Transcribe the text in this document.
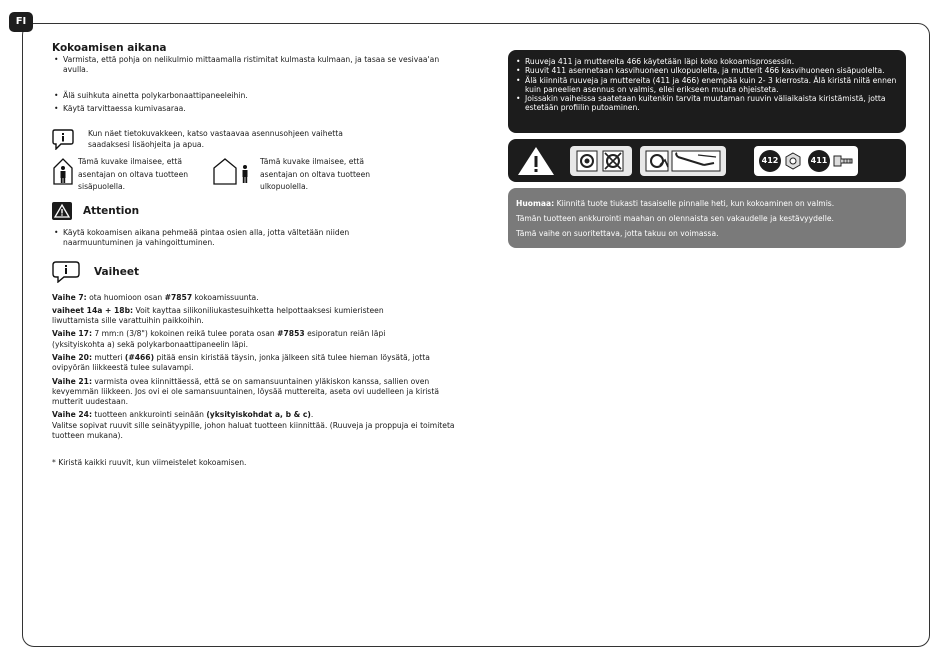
FI
Kokoamisen aikana
• Varmista, että pohja on nelikulmio mittaamalla ristimitat kulmasta kulmaan, ja tasaa se vesivaa'an avulla.
• Älä suihkuta ainetta polykarbonaattipaneeleihin.
• Käytä tarvittaessa kumivasaraa.
Kun näet tietokuvakkeen, katso vastaavaa asennusohjeen vaihetta saadaksesi lisäohjeita ja apua.
Tämä kuvake ilmaisee, että asentajan on oltava tuotteen sisäpuolella.
Tämä kuvake ilmaisee, että asentajan on oltava tuotteen ulkopuolella.
Attention
• Käytä kokoamisen aikana pehmeää pintaa osien alla, jotta vältetään niiden naarmuuntuminen ja vahingoittuminen.
Vaiheet

Vaihe 7: ota huomioon osan #7857 kokoamissuunta.

vaiheet 14a + 18b: Voit kayttaa silikoniliukastesuihketta helpottaaksesi kumieristeen liwuttamista sille varattuihin paikkoihin.

Vaihe 17: 7 mm:n (3/8") kokoinen reikä tulee porata osan #7853 esiporatun reiän läpi (yksityiskohta a) sekä polykarbonaattipaneelin läpi.

Vaihe 20: mutteri (#466) pitää ensin kiristää täysin, jonka jälkeen sitä tulee hieman löysätä, jotta ovipyörän liikkeestä tulee sulavampi.

Vaihe 21: varmista ovea kiinnittäessä, että se on samansuuntainen yläkiskon kanssa, sallien oven kevyemmän liikkeen. Jos ovi ei ole samansuuntainen, löysää muttereita, aseta ovi uudelleen ja kiristä mutterit uudestaan.

Vaihe 24: tuotteen ankkurointi seinään (yksityiskohdat a, b & c).

Valitse sopivat ruuvit sille seinätyypille, johon haluat tuotteen kiinnittää. (Ruuveja ja proppuja ei toimiteta tuotteen mukana).

* Kiristä kaikki ruuvit, kun viimeistelet kokoamisen.
• Ruuveja 411 ja muttereita 466 käytetään läpi koko kokoamisprosessin.
• Ruuvit 411 asennetaan kasvihuoneen ulkopuolelta, ja mutterit 466 kasvihuoneen sisäpuolelta.
• Älä kiinnitä ruuveja ja muttereita (411 ja 466) enempää kuin 2- 3 kierrosta. Älä kiristä niitä ennen kuin paneelien asennus on valmis, ellei erikseen muuta ohjeisteta.
• Joissakin vaiheissa saatetaan kuitenkin tarvita muutaman ruuvin väliaikaista kiristämistä, jotta estetään profiilin putoaminen.
412	411
Huomaa: Kiinnitä tuote tiukasti tasaiselle pinnalle heti, kun kokoaminen on valmis.
Tämän tuotteen ankkurointi maahan on olennaista sen vakaudelle ja kestävyydelle.
Tämä vaihe on suoritettava, jotta takuu on voimassa.
